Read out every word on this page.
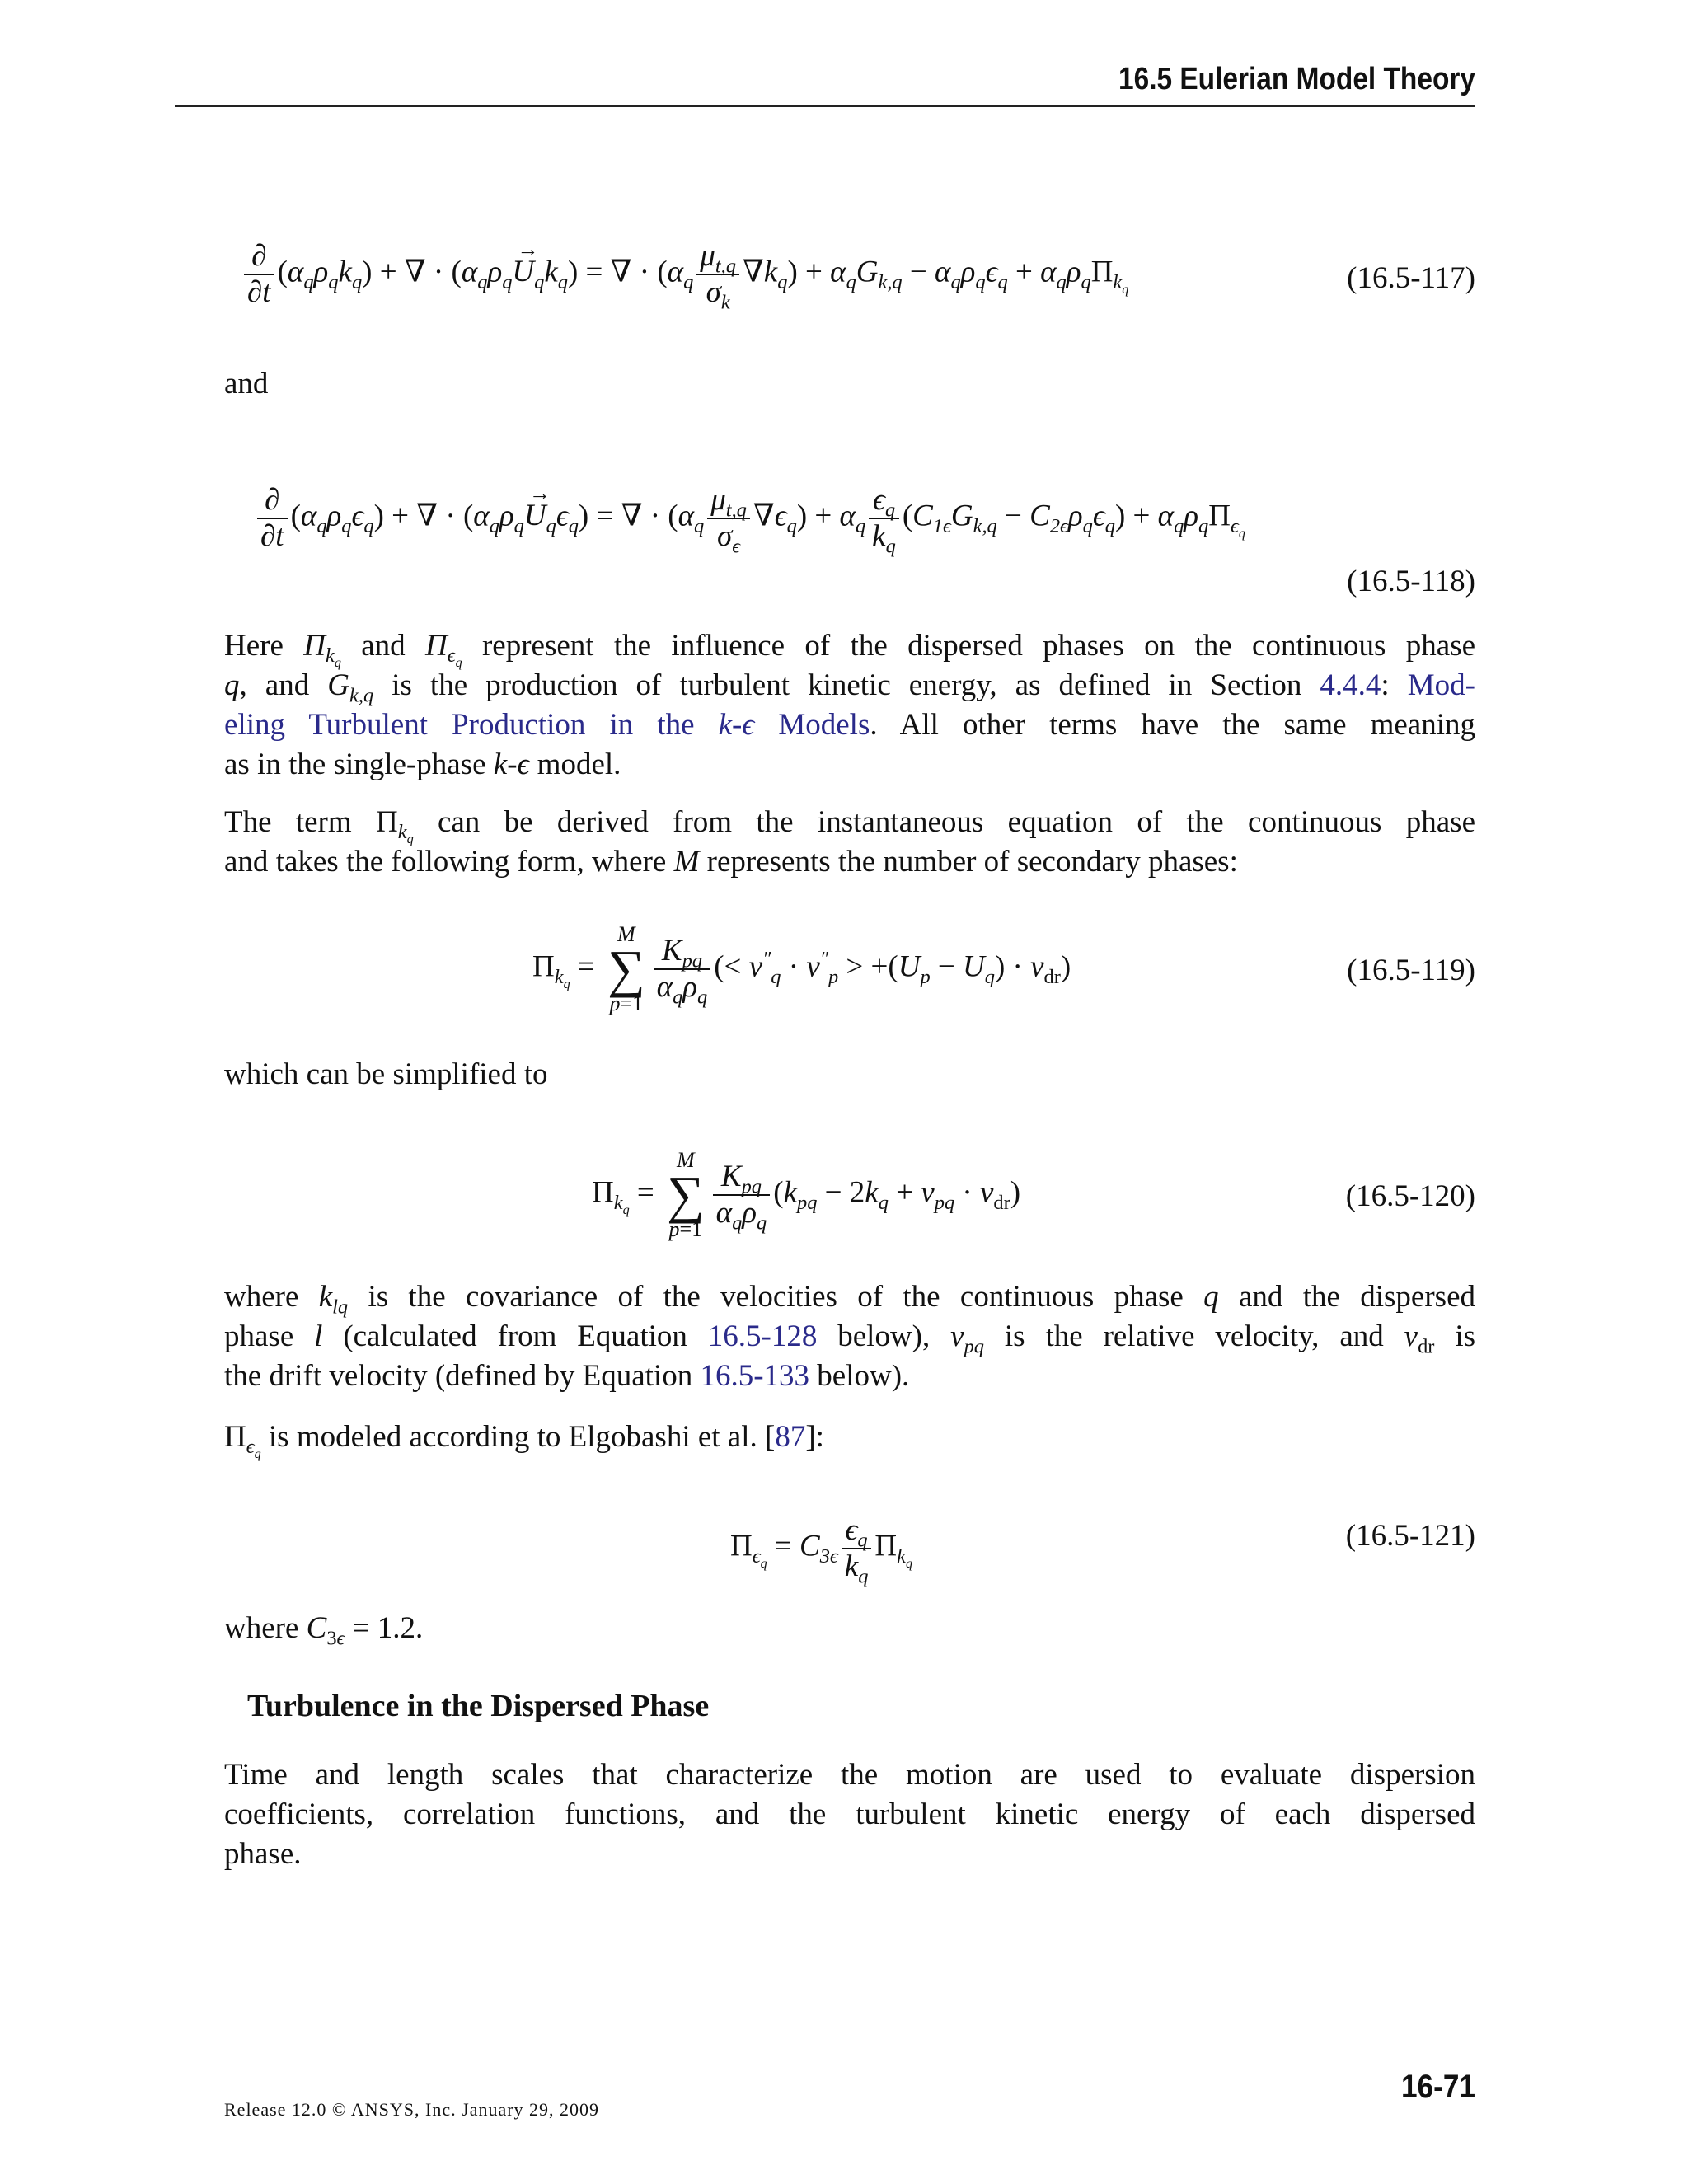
16.5 Eulerian Model Theory
$\frac{\partial}{\partial t} (\alpha_q\rho_qk_q)$ + ∇ · ($\alpha_q\rho_qU$
→
$_qk_q$) = ∇ · $(\alpha_q \frac{\mu_{t,q}}{\sigma_k} \nabla k_q) + \alpha_qG_{k,q} - \alpha_q\rho_q\epsilon_q + \alpha_q\rho_q\Pi_{k_q}$	(16.5-117)
and
$\frac{\partial}{\partial t} (\alpha_q\rho_q\epsilon_q)$ + ∇ · ($\alpha_q\rho_qU$
→
$_q\epsilon_q$) = ∇ · $(\alpha_q \frac{\mu_{t,q}}{\sigma_\epsilon} \nabla\epsilon_q) + \alpha_q \frac{\epsilon_q}{k_q} (C_{1\epsilon}G_{k,q} - C_{2\epsilon}\rho_q\epsilon_q) + \alpha_q\rho_q\Pi_{\epsilon_q}$
(16.5-118)
Here $\Pi_{k_q}$ and $\Pi_{\epsilon_q}$ represent the influence of the dispersed phases on the continuous phase
q, and $G_{k,q}$ is the production of turbulent kinetic energy, as defined in Section 4.4.4: Mod-
eling Turbulent Production in the k-ϵ Models. All other terms have the same meaning
as in the single-phase k-ϵ model.
The term $\Pi_{k_q}$ can be derived from the instantaneous equation of the continuous phase
and takes the following form, where M represents the number of secondary phases:
$\Pi_{k_q}$ =
M
∑
$p=1 \frac{K_{pq}}{\alpha_q\rho_q}$ (< $v''_q \cdot v''_p > +(U_p - U_q) \cdot v_{dr}$)	(16.5-119)
which can be simplified to
$\Pi_{k_q}$ =
M
∑
$p=1 \frac{K_{pq}}{\alpha_q\rho_q} (k_{pq} - 2k_q + v_{pq} \cdot v_{dr})$	(16.5-120)
where $k_{lq}$ is the covariance of the velocities of the continuous phase q and the dispersed
phase l (calculated from Equation 16.5-128 below), $v_{pq}$ is the relative velocity, and $v_{dr}$ is
the drift velocity (defined by Equation 16.5-133 below).
$\Pi_{\epsilon_q}$ is modeled according to Elgobashi et al. [87]:
$\Pi_{\epsilon_q} = C_{3\epsilon} \frac{\epsilon_q}{k_q} \Pi_{k_q}$
(16.5-121)
where $C_{3\epsilon} = 1.2$.
Turbulence in the Dispersed Phase
Time and length scales that characterize the motion are used to evaluate dispersion
coefficients, correlation functions, and the turbulent kinetic energy of each dispersed
phase.
Release 12.0 © ANSYS, Inc. January 29, 2009
16-71
